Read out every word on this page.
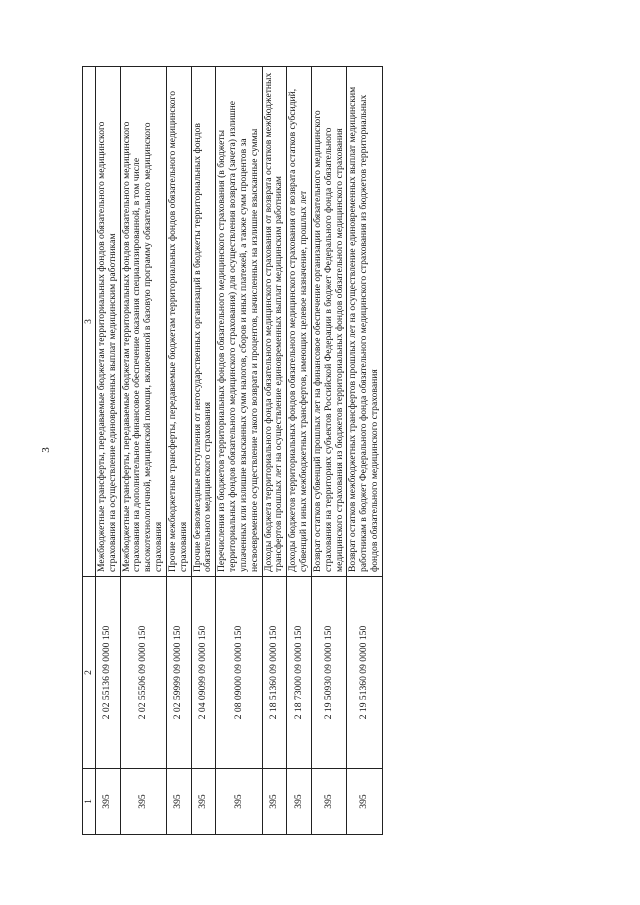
3
1	2	3
395	2 02 55136 09 0000 150	Межбюджетные трансферты, передаваемые бюджетам территориальных фондов обязательного медицинского страхования на осуществление единовременных выплат медицинским работникам
395	2 02 55506 09 0000 150	Межбюджетные трансферты, передаваемые бюджетам территориальных фондов обязательного медицинского страхования на дополнительное финансовое обеспечение оказания специализированной, в том числе высокотехнологичной, медицинской помощи, включенной в базовую программу обязательного медицинского страхования
395	2 02 59999 09 0000 150	Прочие межбюджетные трансферты, передаваемые бюджетам территориальных фондов обязательного медицинского страхования
395	2 04 09099 09 0000 150	Прочие безвозмездные поступления от негосударственных организаций в бюджеты территориальных фондов обязательного медицинского страхования
395	2 08 09000 09 0000 150	Перечисления из бюджетов территориальных фондов обязательного медицинского страхования (в бюджеты территориальных фондов обязательного медицинского страхования) для осуществления возврата (зачета) излишне уплаченных или излишне взысканных сумм налогов, сборов и иных платежей, а также сумм процентов за несвоевременное осуществление такого возврата и процентов, начисленных на излишне взысканные суммы
395	2 18 51360 09 0000 150	Доходы бюджета территориального фонда обязательного медицинского страхования от возврата остатков межбюджетных трансфертов прошлых лет на осуществление единовременных выплат медицинским работникам
395	2 18 73000 09 0000 150	Доходы бюджетов территориальных фондов обязательного медицинского страхования от возврата остатков субсидий, субвенций и иных межбюджетных трансфертов, имеющих целевое назначение, прошлых лет
395	2 19 50930 09 0000 150	Возврат остатков субвенций прошлых лет на финансовое обеспечение организации обязательного медицинского страхования на территориях субъектов Российской Федерации в бюджет Федерального фонда обязательного медицинского страхования из бюджетов территориальных фондов обязательного медицинского страхования
395	2 19 51360 09 0000 150	Возврат остатков межбюджетных трансфертов прошлых лет на осуществление единовременных выплат медицинским работникам в бюджет Федерального фонда обязательного медицинского страхования из бюджетов территориальных фондов обязательного медицинского страхования
